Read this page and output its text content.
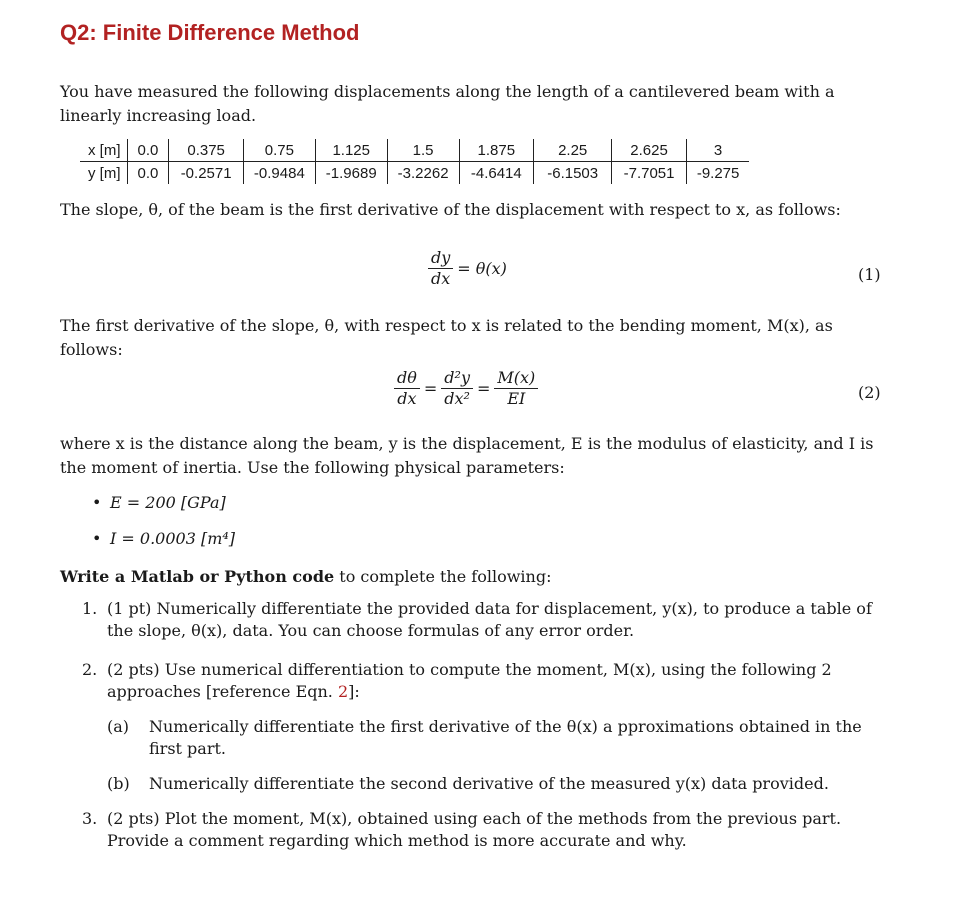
Q2: Finite Difference Method
You have measured the following displacements along the length of a cantilevered beam with a linearly increasing load.
x [m]	0.0	0.375	0.75	1.125	1.5	1.875	2.25	2.625	3
y [m]	0.0	-0.2571	-0.9484	-1.9689	-3.2262	-4.6414	-6.1503	-7.7051	-9.275
The slope, θ, of the beam is the first derivative of the displacement with respect to x, as follows:
$\frac{dy}{dx} = \theta(x)$	(1)
The first derivative of the slope, θ, with respect to x is related to the bending moment, M(x), as follows:
$\frac{d\theta}{dx} = \frac{\text{d²y}}{\text{dx²}} = \frac{M(x)}{EI}$	(2)
where x is the distance along the beam, y is the displacement, E is the modulus of elasticity, and I is the moment of inertia. Use the following physical parameters:
• E = 200 [GPa]
• I = 0.0003 [m⁴]
Write a Matlab or Python code to complete the following:
1. (1 pt) Numerically differentiate the provided data for displacement, y(x), to produce a table of the slope, θ(x), data. You can choose formulas of any error order.
2. (2 pts) Use numerical differentiation to compute the moment, M(x), using the following 2 approaches [reference Eqn. 2]:
(a) Numerically differentiate the first derivative of the θ(x) a pproximations obtained in the first part.
(b) Numerically differentiate the second derivative of the measured y(x) data provided.
3. (2 pts) Plot the moment, M(x), obtained using each of the methods from the previous part. Provide a comment regarding which method is more accurate and why.
